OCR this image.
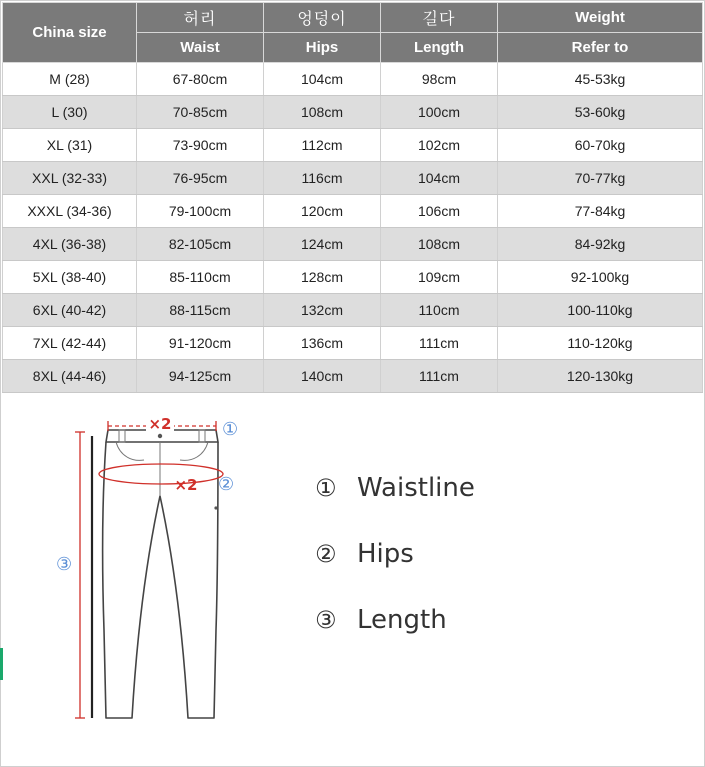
China size	허리	엉덩이	길다	Weight
	Waist	Hips	Length	Refer to
M (28)	67-80cm	104cm	98cm	45-53kg
L (30)	70-85cm	108cm	100cm	53-60kg
XL (31)	73-90cm	112cm	102cm	60-70kg
XXL (32-33)	76-95cm	116cm	104cm	70-77kg
XXXL (34-36)	79-100cm	120cm	106cm	77-84kg
4XL (36-38)	82-105cm	124cm	108cm	84-92kg
5XL (38-40)	85-110cm	128cm	109cm	92-100kg
6XL (40-42)	88-115cm	132cm	110cm	100-110kg
7XL (42-44)	91-120cm	136cm	111cm	110-120kg
8XL (44-46)	94-125cm	140cm	111cm	120-130kg
×2
×2
①
②
③
① Waistline
② Hips
③ Length
